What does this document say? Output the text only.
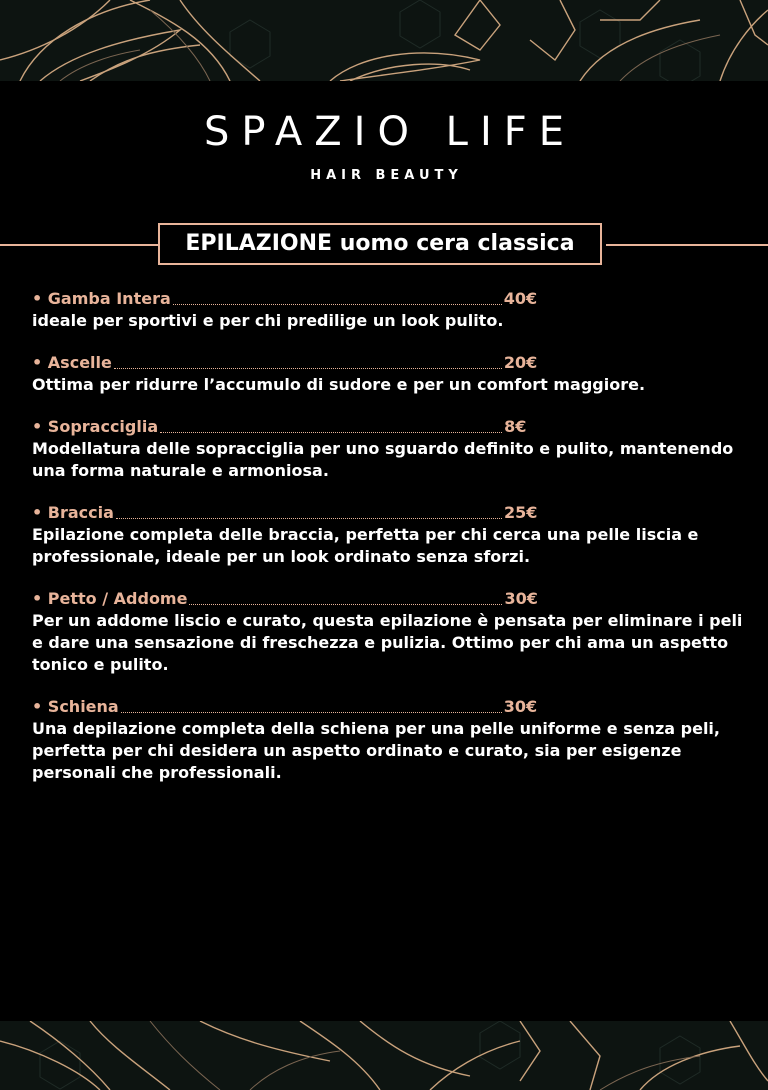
SPAZIO LIFE
HAIR BEAUTY
EPILAZIONE uomo cera classica
• Gamba Intera	40€
ideale per sportivi e per chi predilige un look pulito.
• Ascelle	20€
Ottima per ridurre l’accumulo di sudore e per un comfort maggiore.
• Sopracciglia	8€
Modellatura delle sopracciglia per uno sguardo definito e pulito, mantenendo una forma naturale e armoniosa.
• Braccia	25€
Epilazione completa delle braccia, perfetta per chi cerca una pelle liscia e professionale, ideale per un look ordinato senza sforzi.
• Petto / Addome	30€
Per un addome liscio e curato, questa epilazione è pensata per eliminare i peli e dare una sensazione di freschezza e pulizia. Ottimo per chi ama un aspetto tonico e pulito.
• Schiena	30€
Una depilazione completa della schiena per una pelle uniforme e senza peli, perfetta per chi desidera un aspetto ordinato e curato, sia per esigenze personali che professionali.
